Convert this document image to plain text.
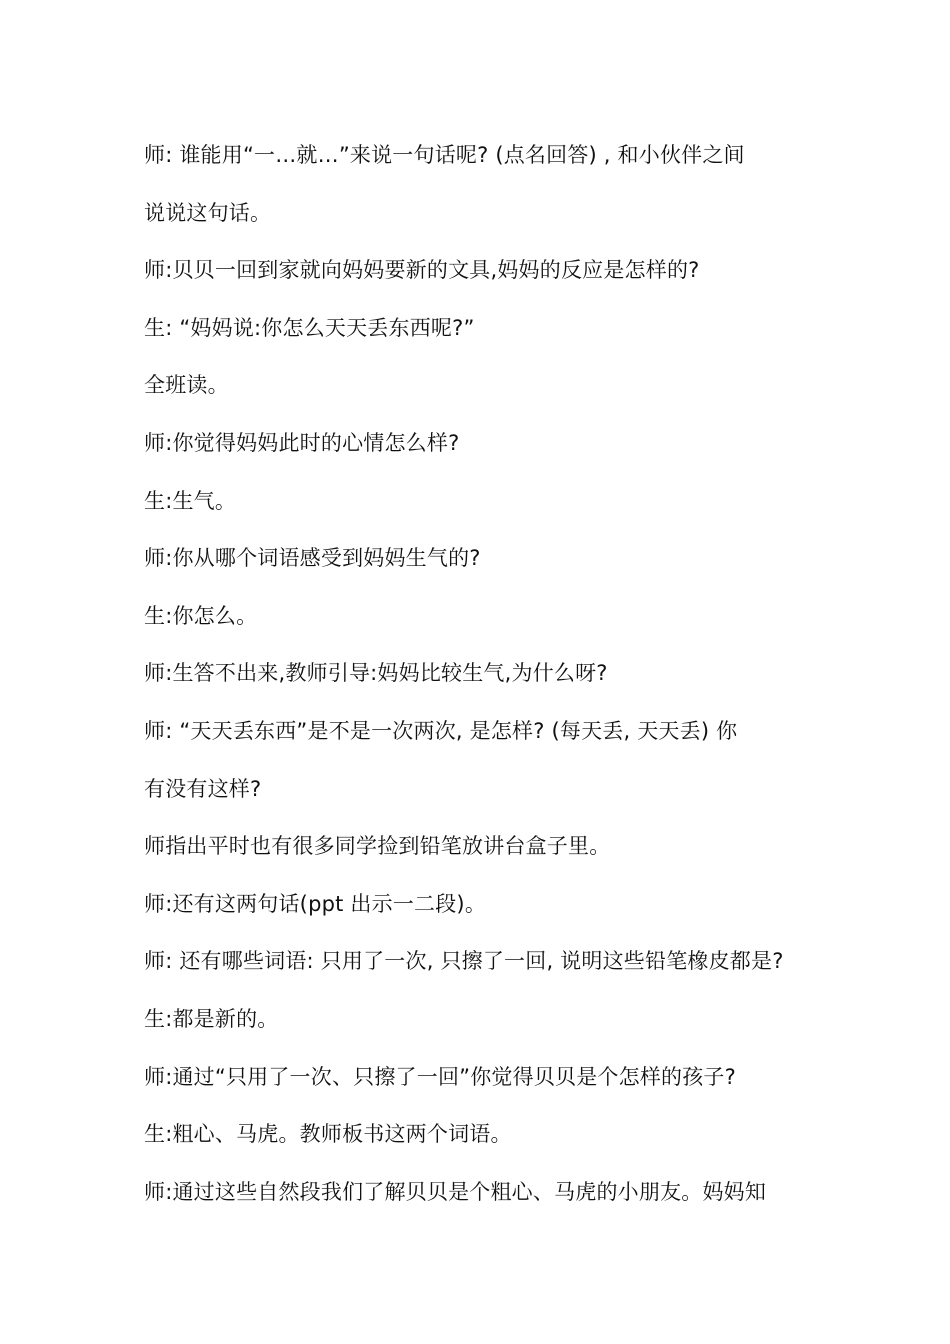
师: 谁能用“一…就…”来说一句话呢? (点名回答) , 和小伙伴之间
说说这句话。
师:贝贝一回到家就向妈妈要新的文具,妈妈的反应是怎样的?
生: “妈妈说:你怎么天天丢东西呢?”
全班读。
师:你觉得妈妈此时的心情怎么样?
生:生气。
师:你从哪个词语感受到妈妈生气的?
生:你怎么。
师:生答不出来,教师引导:妈妈比较生气,为什么呀?
师: “天天丢东西”是不是一次两次, 是怎样? (每天丢, 天天丢) 你
有没有这样?
师指出平时也有很多同学捡到铅笔放讲台盒子里。
师:还有这两句话(ppt 出示一二段)。
师: 还有哪些词语: 只用了一次, 只擦了一回, 说明这些铅笔橡皮都是?
生:都是新的。
师:通过“只用了一次、只擦了一回”你觉得贝贝是个怎样的孩子?
生:粗心、马虎。教师板书这两个词语。
师:通过这些自然段我们了解贝贝是个粗心、马虎的小朋友。妈妈知
